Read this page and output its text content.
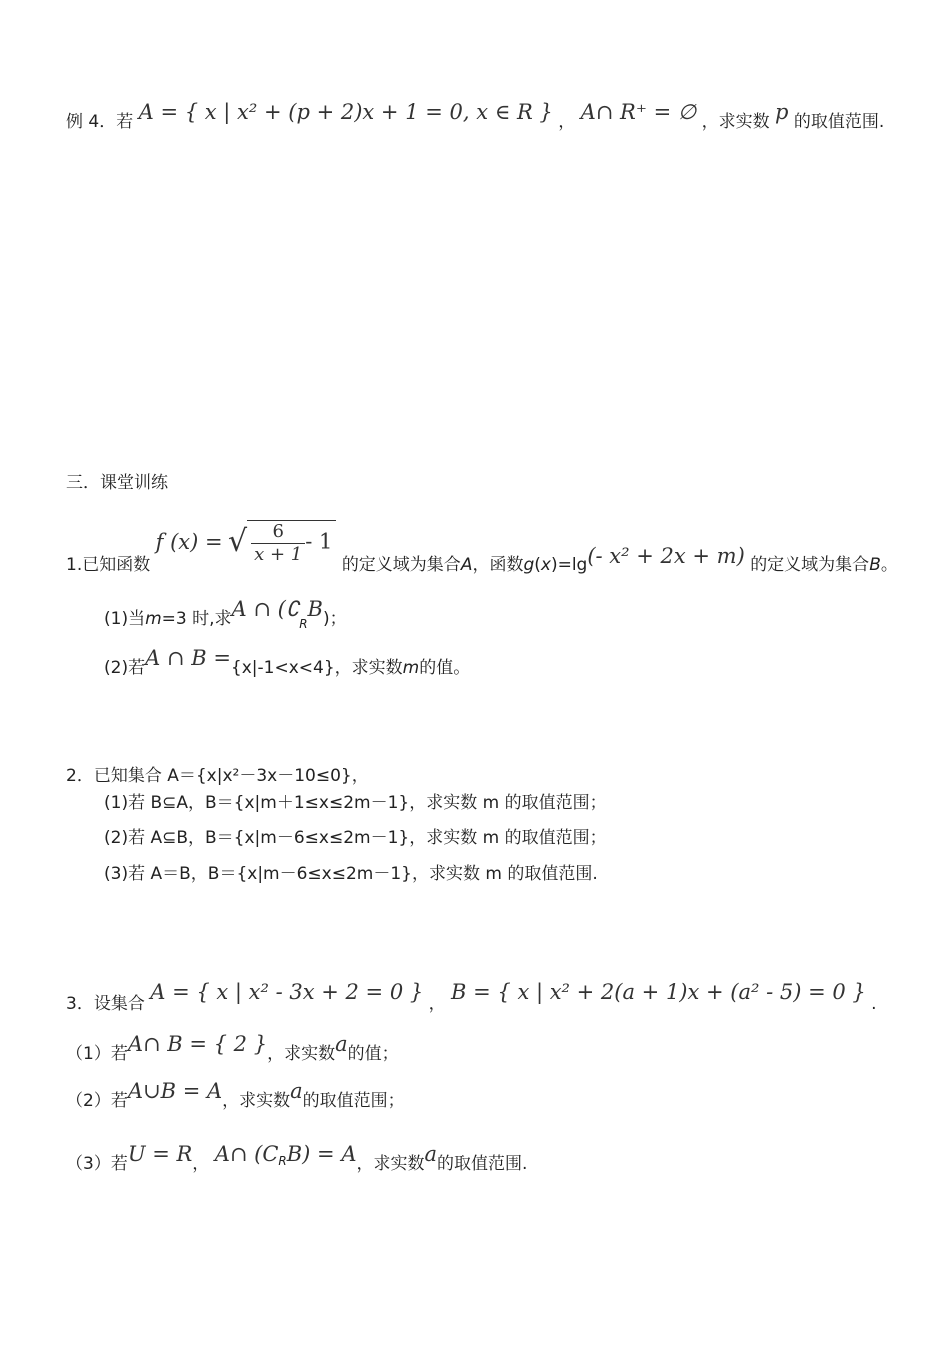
例 4．若 A = { x | x² + (p + 2)x + 1 = 0, x ∈ R } ， A∩ R⁺ = ∅ ，求实数 p 的取值范围.
三．课堂训练
1.已知函数 f (x) = √ $\frac{6}{x + 1} - 1$ 的定义域为集合A，函数g(x)=lg(- x² + 2x + m) 的定义域为集合B。
(1)当m=3 时,求A ∩ $(∁_RB)$；
(2)若A ∩ B ={x|-1<x<4}，求实数m的值。
2．已知集合 A＝{x|x²－3x－10≤0}，
(1)若 B⊆A，B＝{x|m＋1≤x≤2m－1}，求实数 m 的取值范围；
(2)若 A⊆B，B＝{x|m－6≤x≤2m－1}，求实数 m 的取值范围；
(3)若 A＝B，B＝{x|m－6≤x≤2m－1}，求实数 m 的取值范围.
3．设集合 A = { x | x² - 3x + 2 = 0 } ， B = { x | x² + 2(a + 1)x + (a² - 5) = 0 } .
（1）若A∩ B = { 2 }，求实数a的值；
（2）若A∪B = A，求实数a的取值范围；
（3）若U = R， A∩ $(C^RB) = A$，求实数a的取值范围.
